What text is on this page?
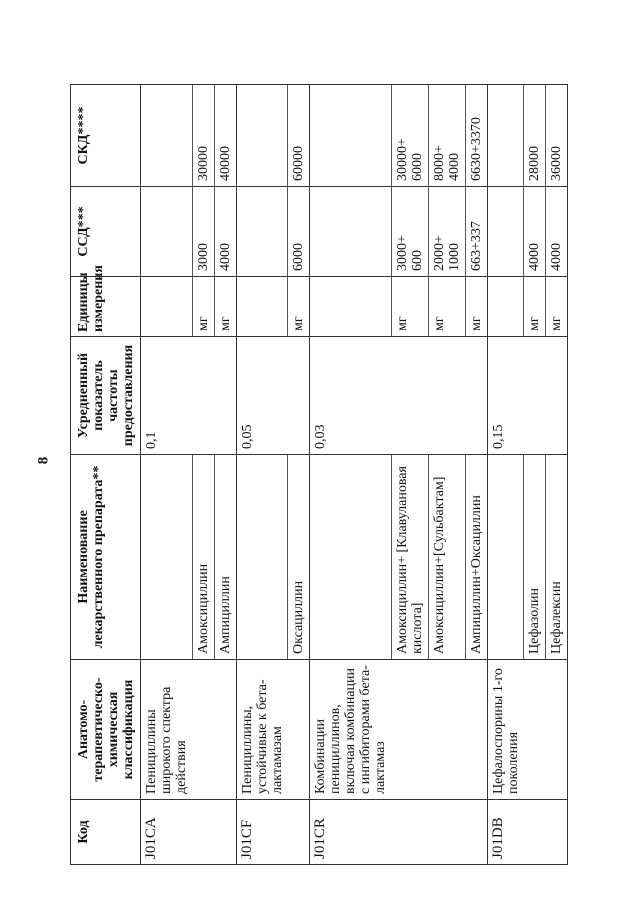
8
Код	Анатомо-терапевтическо-химическая классификация	Наименование лекарственного препарата**	Усредненный показатель частоты предоставления	Единицы измерения	ССД***	СКД****
J01CA	Пенициллины широкого спектра действия		0,1			
		Амоксициллин		мг	3000	30000

		Ампициллин		мг	4000	40000

J01CF	Пенициллины, устойчивые к бета-лактамазам		0,05			
		Оксациллин		мг	6000	60000

J01CR	Комбинации пенициллинов, включая комбинации с ингибиторами бета-лактамаз		0,03			
		Амоксициллин+ [Клавулановая кислота]		мг	3000+ 600	30000+ 6000

		Амоксициллин+[Сульбактам]		мг	2000+ 1000	8000+ 4000

		Ампициллин+Оксациллин		мг	663+337	6630+3370

J01DB	Цефалоспорины 1-го поколения		0,15			
		Цефазолин		мг	4000	28000

		Цефалексин		мг	4000	36000
